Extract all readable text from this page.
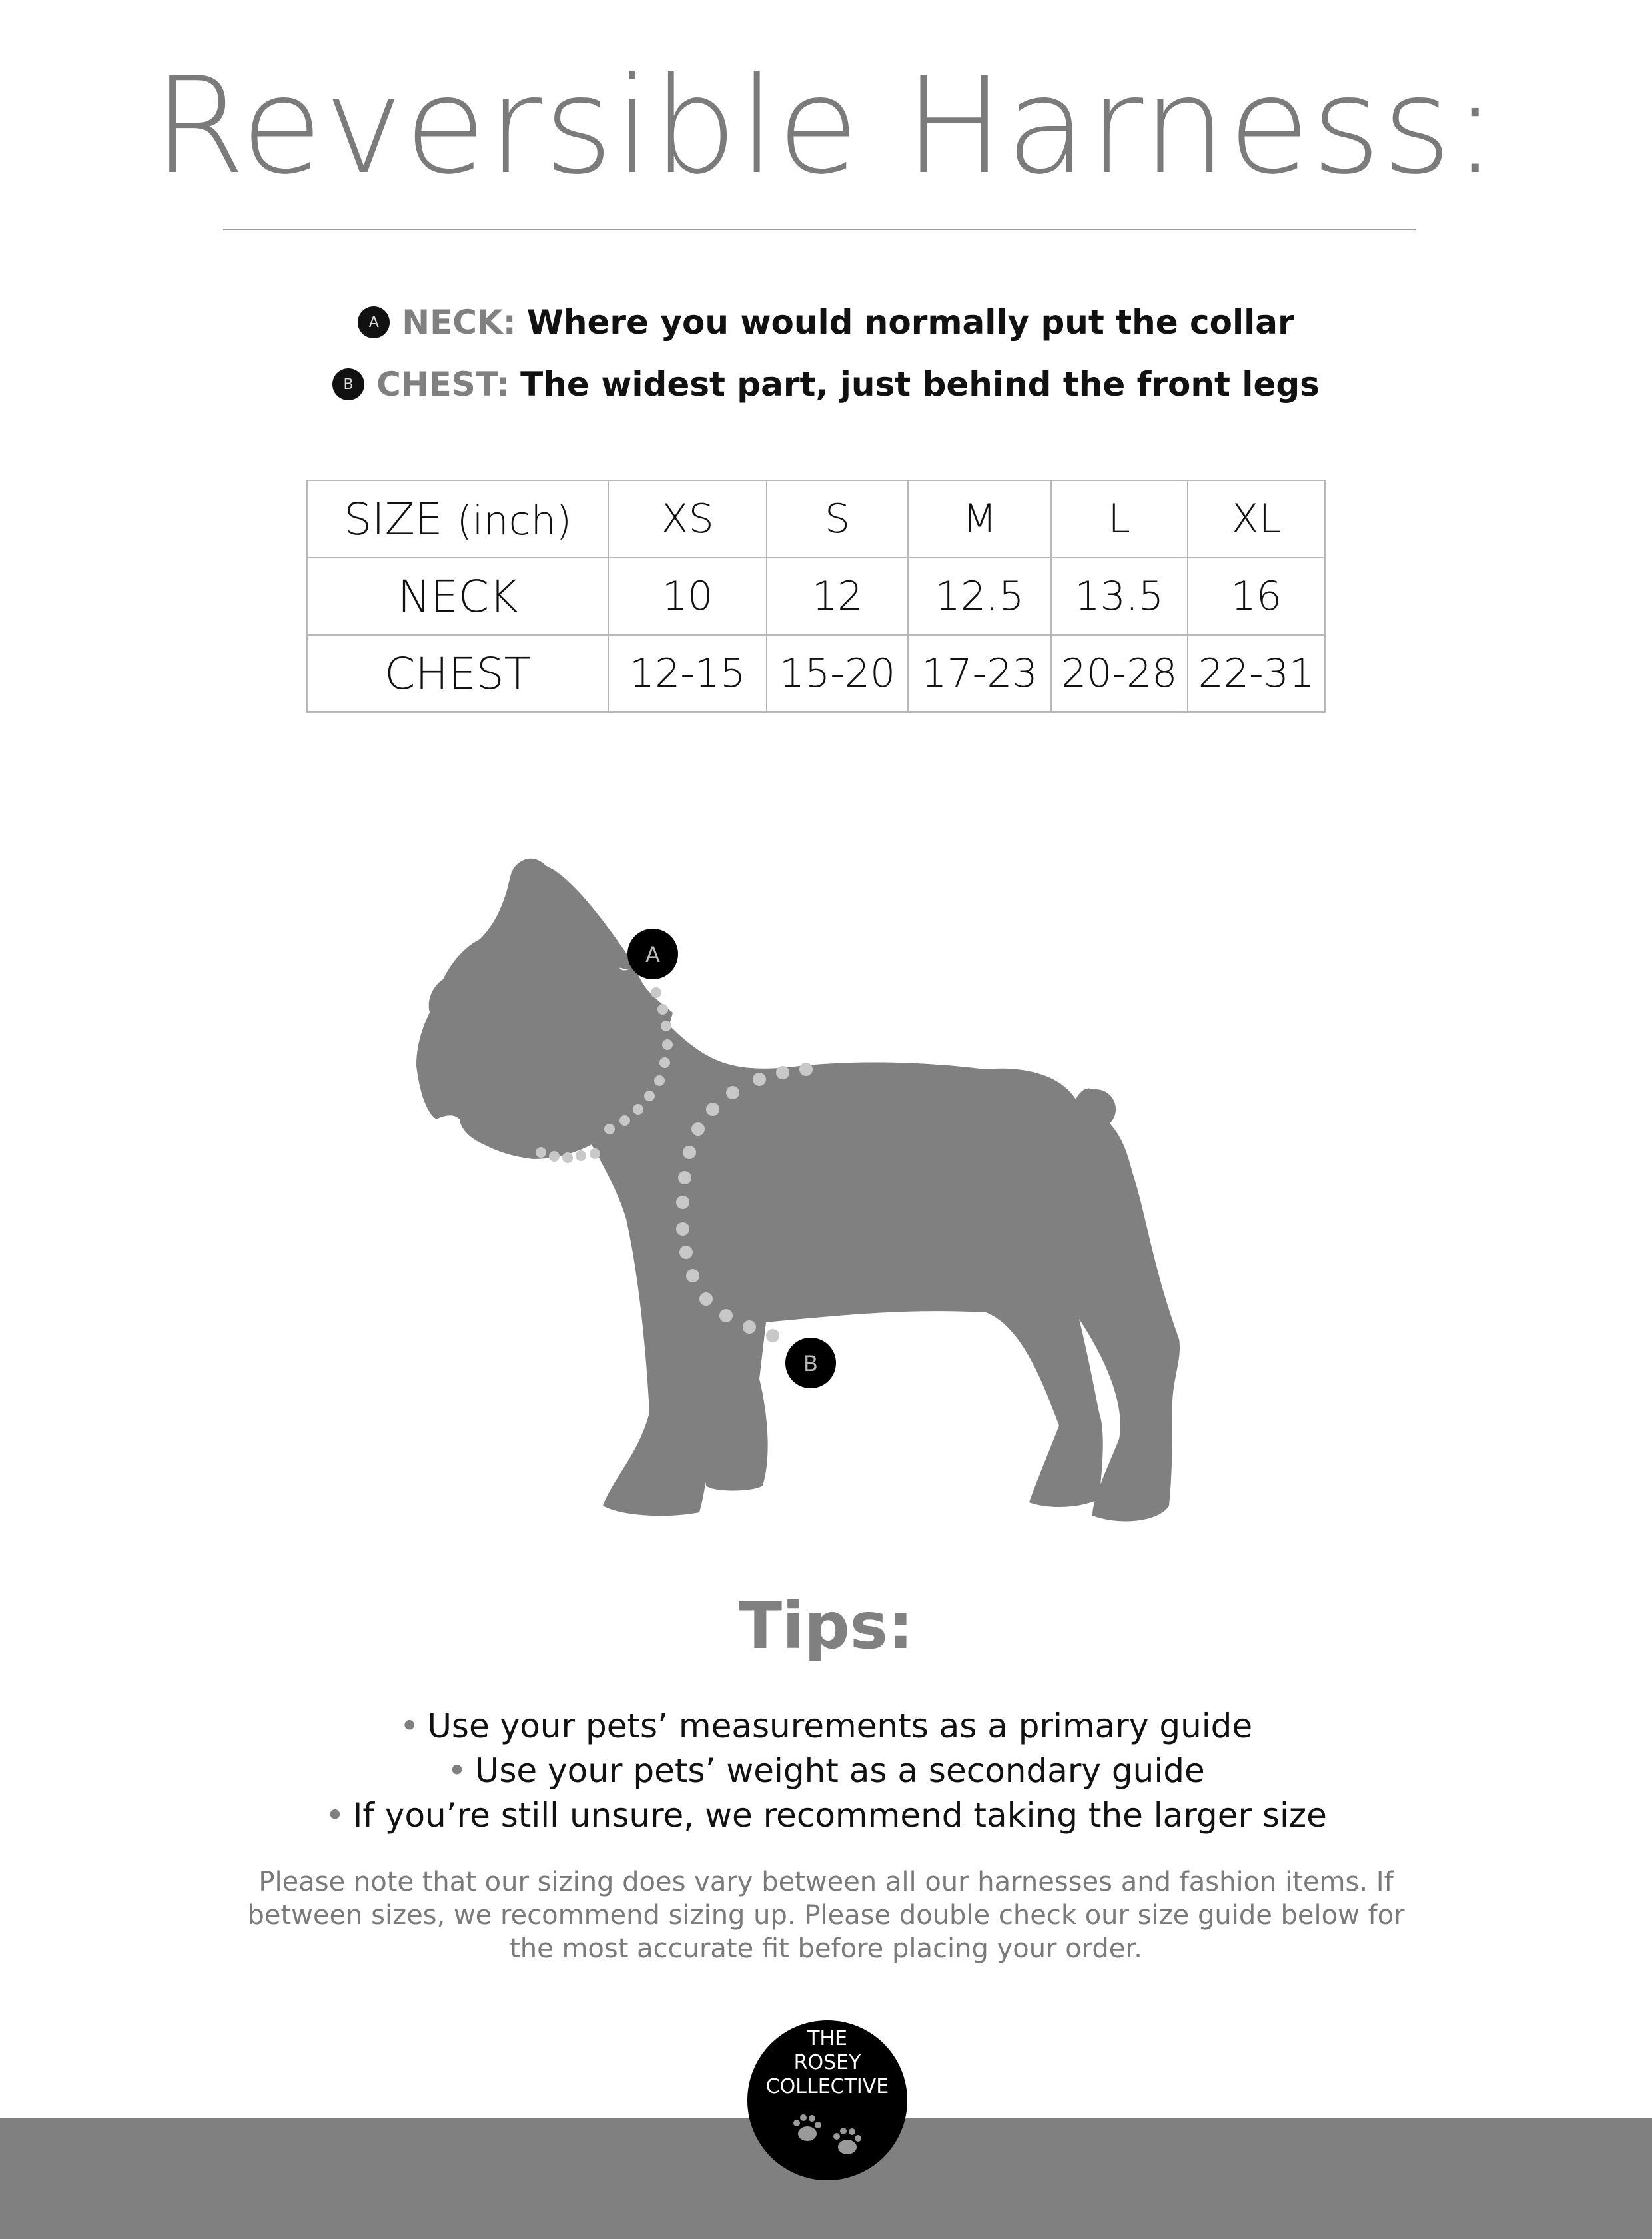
Reversible Harness:
A NECK: Where you would normally put the collar
B CHEST: The widest part, just behind the front legs
SIZE (inch)	XS	S	M	L	XL
NECK	10	12	12.5	13.5	16
CHEST	12-15	15-20	17-23	20-28	22-31
A
B
Tips:
• Use your pets’ measurements as a primary guide
• Use your pets’ weight as a secondary guide
• If you’re still unsure, we recommend taking the larger size
Please note that our sizing does vary between all our harnesses and fashion items. If between sizes, we recommend sizing up. Please double check our size guide below for the most accurate fit before placing your order.
THE
ROSEY
COLLECTIVE
